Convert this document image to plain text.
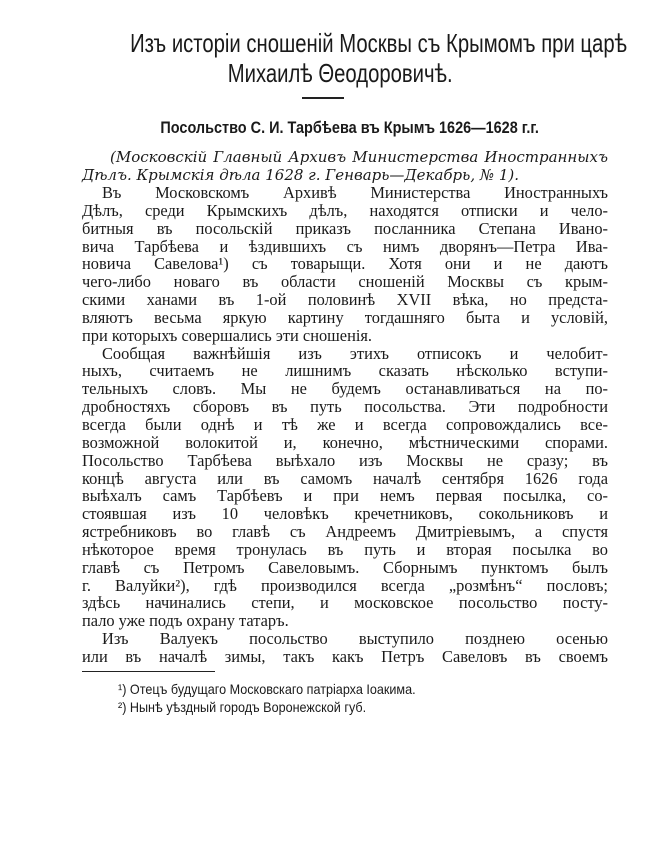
Изъ исторіи сношеній Москвы съ Крымомъ при царѣ
Михаилѣ Θеодоровичѣ.
Посольство С. И. Тарбѣева въ Крымъ 1626—1628 г.г.
(Московскій Главный Архивъ Министерства Иностранныхъ
Дѣлъ. Крымскія дѣла 1628 г. Генварь—Декабрь, № 1).
Въ Московскомъ Архивѣ Министерства Иностранныхъ
Дѣлъ, среди Крымскихъ дѣлъ, находятся отписки и чело-
битныя въ посольскій приказъ посланника Степана Ивано-
вича Тарбѣева и ѣздившихъ съ нимъ дворянъ—Петра Ива-
новича Савелова¹) съ товарыщи. Хотя они и не даютъ
чего-либо новаго въ области сношеній Москвы съ крым-
скими ханами въ 1-ой половинѣ XVII вѣка, но предста-
вляютъ весьма яркую картину тогдашняго быта и условій,
при которыхъ совершались эти сношенія.
Сообщая важнѣйшія изъ этихъ отписокъ и челобит-
ныхъ, считаемъ не лишнимъ сказать нѣсколько вступи-
тельныхъ словъ. Мы не будемъ останавливаться на по-
дробностяхъ сборовъ въ путь посольства. Эти подробности
всегда были однѣ и тѣ же и всегда сопровождались все-
возможной волокитой и, конечно, мѣстническими спорами.
Посольство Тарбѣева выѣхало изъ Москвы не сразу; въ
концѣ августа или въ самомъ началѣ сентября 1626 года
выѣхалъ самъ Тарбѣевъ и при немъ первая посылка, со-
стоявшая изъ 10 человѣкъ кречетниковъ, сокольниковъ и
ястребниковъ во главѣ съ Андреемъ Дмитріевымъ, а спустя
нѣкоторое время тронулась въ путь и вторая посылка во
главѣ съ Петромъ Савеловымъ. Сборнымъ пунктомъ былъ
г. Валуйки²), гдѣ производился всегда „розмѣнъ“ пословъ;
здѣсь начинались степи, и московское посольство посту-
пало уже подъ охрану татаръ.
Изъ Валуекъ посольство выступило позднею осенью
или въ началѣ зимы, такъ какъ Петръ Савеловъ въ своемъ
¹) Отецъ будущаго Московскаго патріарха Іоакима.
²) Нынѣ уѣздный городъ Воронежской губ.
